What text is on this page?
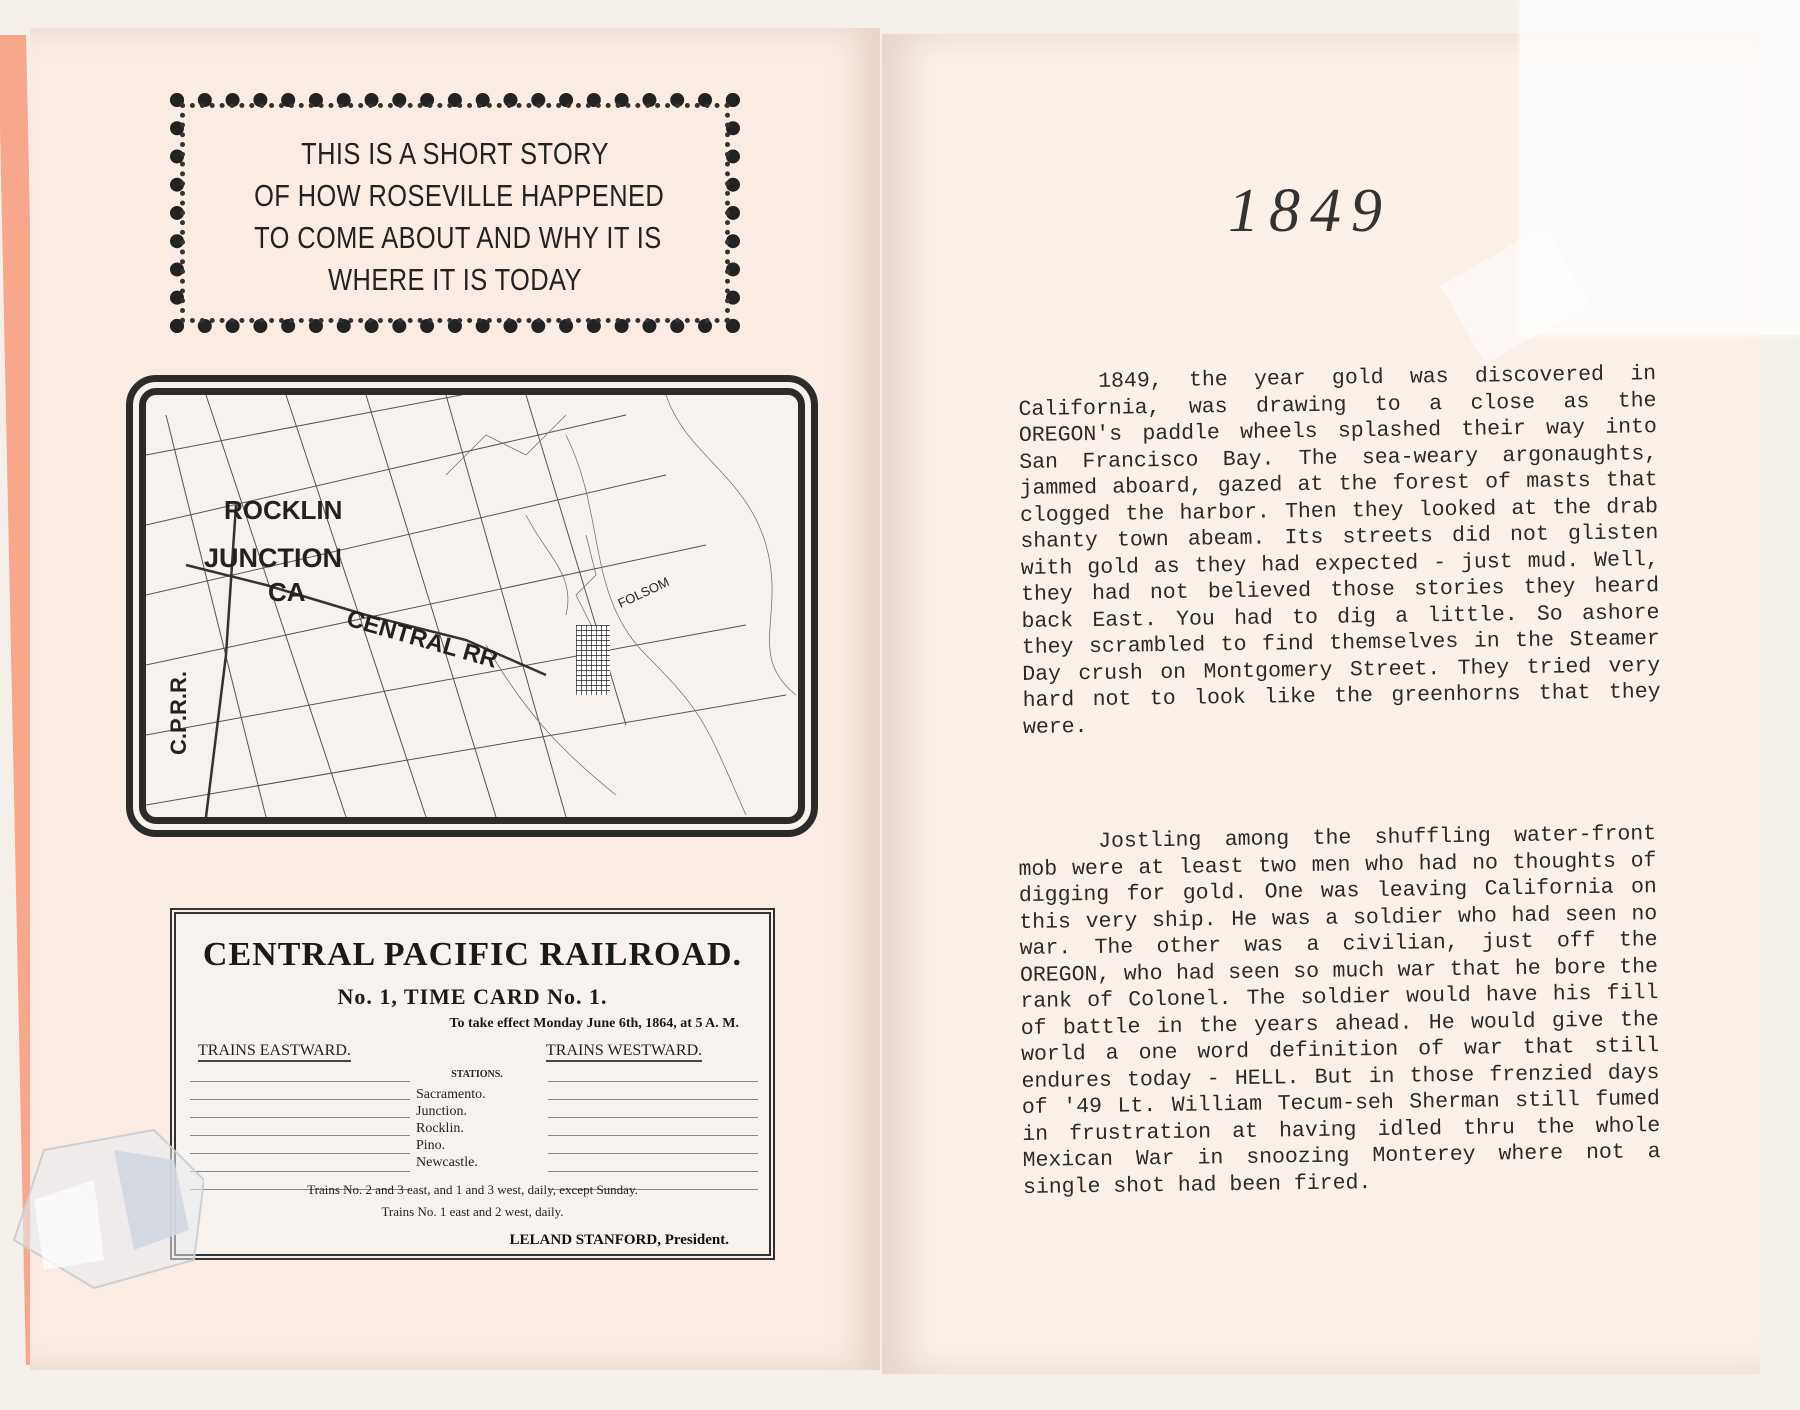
THIS IS A SHORT STORY
OF HOW ROSEVILLE HAPPENED
TO COME ABOUT AND WHY IT IS
WHERE IT IS TODAY
ROCKLIN
JUNCTION
CA
CENTRAL RR
FOLSOM
C.P.R.R.
CENTRAL PACIFIC RAILROAD.
No. 1, TIME CARD No. 1.
To take effect Monday June 6th, 1864, at 5 A. M.
TRAINS EASTWARD.	TRAINS WESTWARD.
STATIONS.
Sacramento.
Junction.
Rocklin.
Pino.
Newcastle.
Trains No. 2 and 3 east, and 1 and 3 west, daily, except Sunday.
Trains No. 1 east and 2 west, daily.
LELAND STANFORD, President.
1849

1849, the year gold was discovered in California, was drawing to a close as the OREGON's paddle wheels splashed their way into San Francisco Bay. The sea-weary argonaughts, jammed aboard, gazed at the forest of masts that clogged the harbor. Then they looked at the drab shanty town abeam. Its streets did not glisten with gold as they had expected - just mud. Well, they had not believed those stories they heard back East. You had to dig a little. So ashore they scrambled to find themselves in the Steamer Day crush on Montgomery Street. They tried very hard not to look like the greenhorns that they were.

Jostling among the shuffling water-front mob were at least two men who had no thoughts of digging for gold. One was leaving California on this very ship. He was a soldier who had seen no war. The other was a civilian, just off the OREGON, who had seen so much war that he bore the rank of Colonel. The soldier would have his fill of battle in the years ahead. He would give the world a one word definition of war that still endures today - HELL. But in those frenzied days of '49 Lt. William Tecum-seh Sherman still fumed in frustration at having idled thru the whole Mexican War in snoozing Monterey where not a single shot had been fired.
